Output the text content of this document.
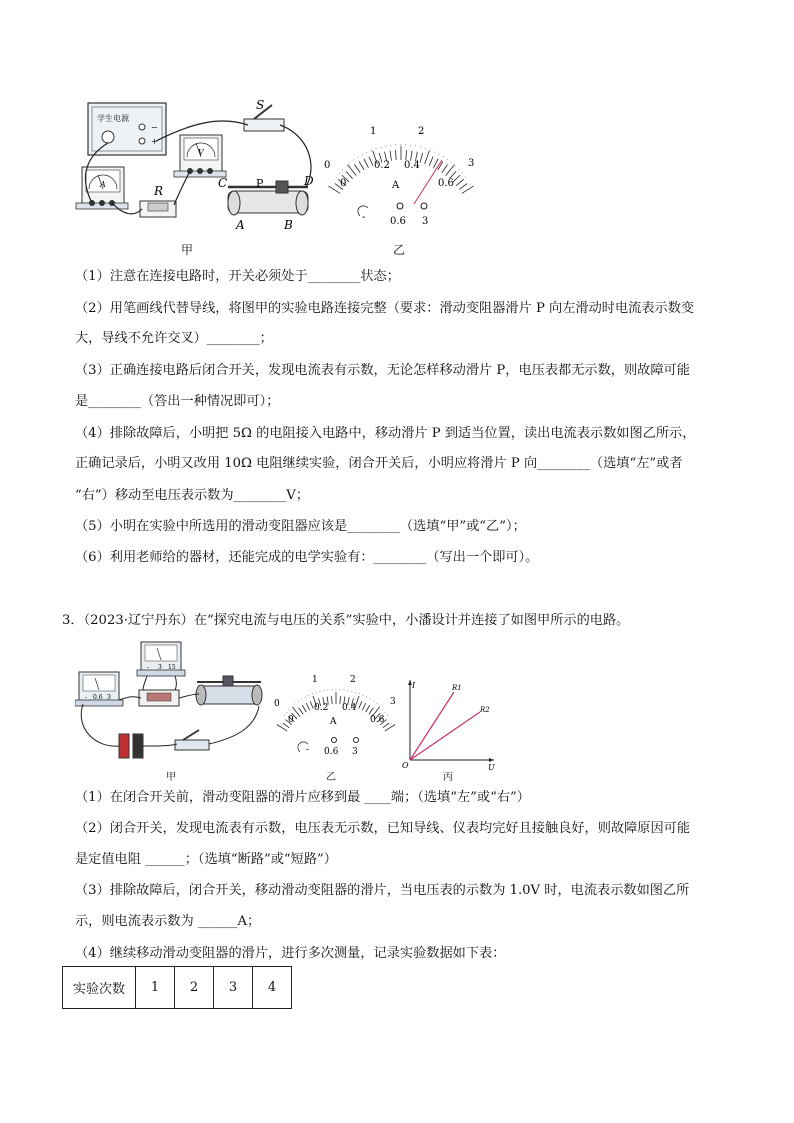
学生电源
−
+
A
V
R
S
P
C	D
A	B
甲
0
1	2
3
0
0.2 0.4
0.6
A
- 0.6 3
乙
（1）注意在连接电路时，开关必须处于________状态；
（2）用笔画线代替导线，将图甲的实验电路连接完整（要求：滑动变阻器滑片 P 向左滑动时电流表示数变
大，导线不允许交叉）________；
（3）正确连接电路后闭合开关，发现电流表有示数，无论怎样移动滑片 P，电压表都无示数，则故障可能
是________（答出一种情况即可）；
（4）排除故障后，小明把 5Ω 的电阻接入电路中，移动滑片 P 到适当位置，读出电流表示数如图乙所示，
正确记录后，小明又改用 10Ω 电阻继续实验，闭合开关后，小明应将滑片 P 向________（选填“左”或者
“右”）移动至电压表示数为________V；
（5）小明在实验中所选用的滑动变阻器应该是________（选填“甲”或“乙”）；
（6）利用老师给的器材，还能完成的电学实验有：________（写出一个即可）。
3．（2023·辽宁丹东）在“探究电流与电压的关系”实验中，小潘设计并连接了如图甲所示的电路。
- 0.6 3
- 3 15
甲
0
1	2
3
0
0.2 0.4
0.6
A
- 0.6 3
乙
I
U
O
R1
R2
丙
（1）在闭合开关前，滑动变阻器的滑片应移到最 ____端；（选填“左”或“右”）
（2）闭合开关，发现电流表有示数，电压表无示数，已知导线、仪表均完好且接触良好，则故障原因可能
是定值电阻 ______；（选填“断路”或“短路”）
（3）排除故障后，闭合开关，移动滑动变阻器的滑片，当电压表的示数为 1.0V 时，电流表示数如图乙所
示，则电流表示数为 ______A；
（4）继续移动滑动变阻器的滑片，进行多次测量，记录实验数据如下表：
实验次数	1	2	3	4
